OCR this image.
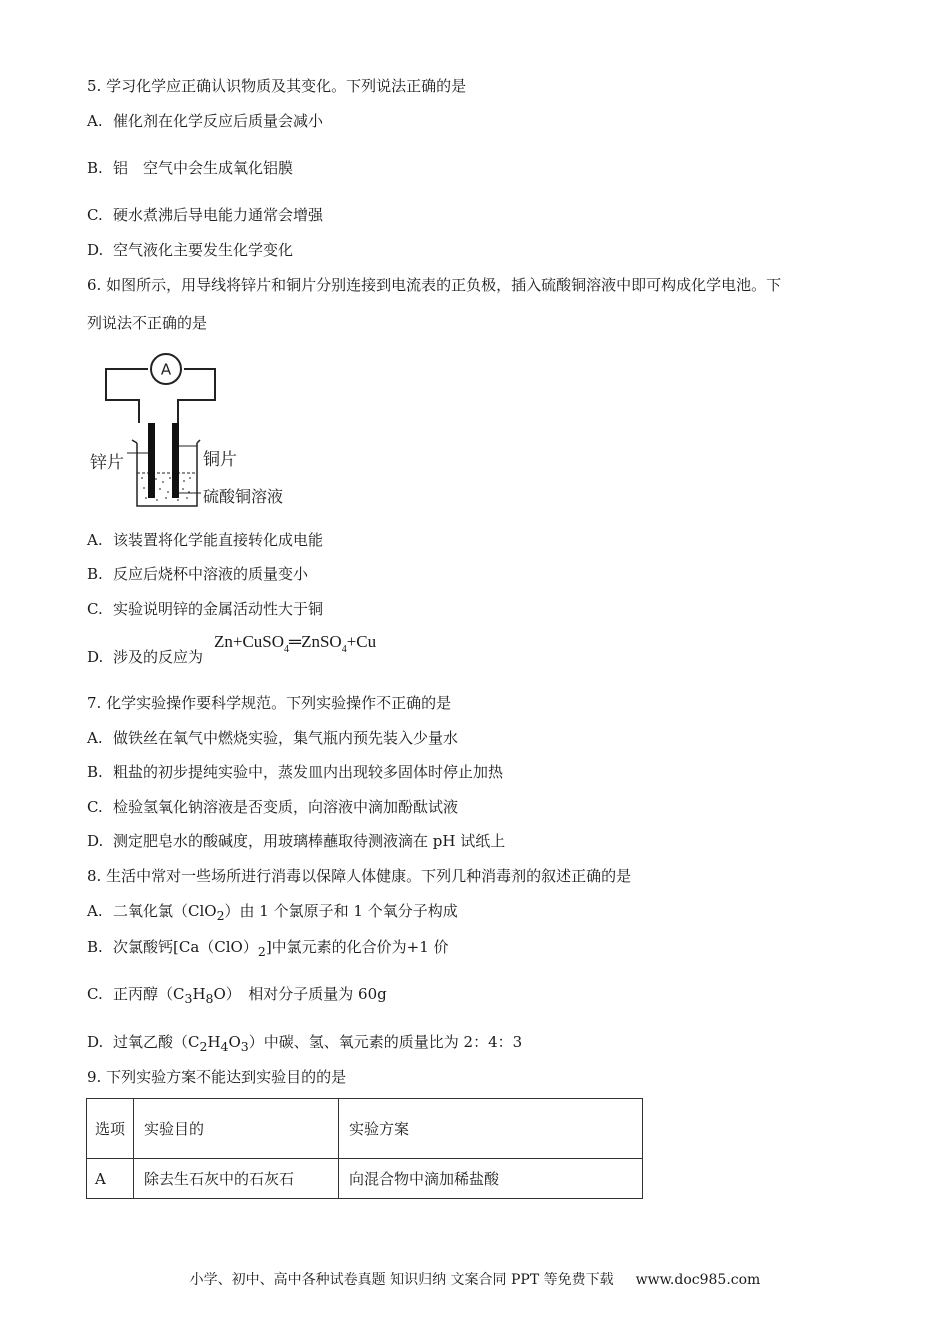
5. 学习化学应正确认识物质及其变化。下列说法正确的是
A. 催化剂在化学反应后质量会减小
B. 铝　空气中会生成氧化铝膜
C. 硬水煮沸后导电能力通常会增强
D. 空气液化主要发生化学变化
6. 如图所示，用导线将锌片和铜片分别连接到电流表的正负极，插入硫酸铜溶液中即可构成化学电池。下
列说法不正确的是
A
锌片	铜片
硫酸铜溶液
A. 该装置将化学能直接转化成电能
B. 反应后烧杯中溶液的质量变小
C. 实验说明锌的金属活动性大于铜
D. 涉及的反应为
Zn+CuSO$_4$═ZnSO$_4$+Cu
7. 化学实验操作要科学规范。下列实验操作不正确的是
A. 做铁丝在氧气中燃烧实验，集气瓶内预先装入少量水
B. 粗盐的初步提纯实验中，蒸发皿内出现较多固体时停止加热
C. 检验氢氧化钠溶液是否变质，向溶液中滴加酚酞试液
D. 测定肥皂水的酸碱度，用玻璃棒蘸取待测液滴在 pH 试纸上
8. 生活中常对一些场所进行消毒以保障人体健康。下列几种消毒剂的叙述正确的是
A. 二氧化氯（ClO$_2$）由 1 个氯原子和 1 个氧分子构成
B. 次氯酸钙$[Ca(ClO)_2]$中氯元素的化合价为+1 价
C. 正丙醇$(C_3H_8O)$　相对分子质量为 60g
D. 过氧乙酸$(C_2H_4O_3)$中碳、氢、氧元素的质量比为 2：4：3
9. 下列实验方案不能达到实验目的的是
选项	实验目的	实验方案
A	除去生石灰中的石灰石	向混合物中滴加稀盐酸
小学、初中、高中各种试卷真题 知识归纳 文案合同 PPT 等免费下载 www.doc985.com
